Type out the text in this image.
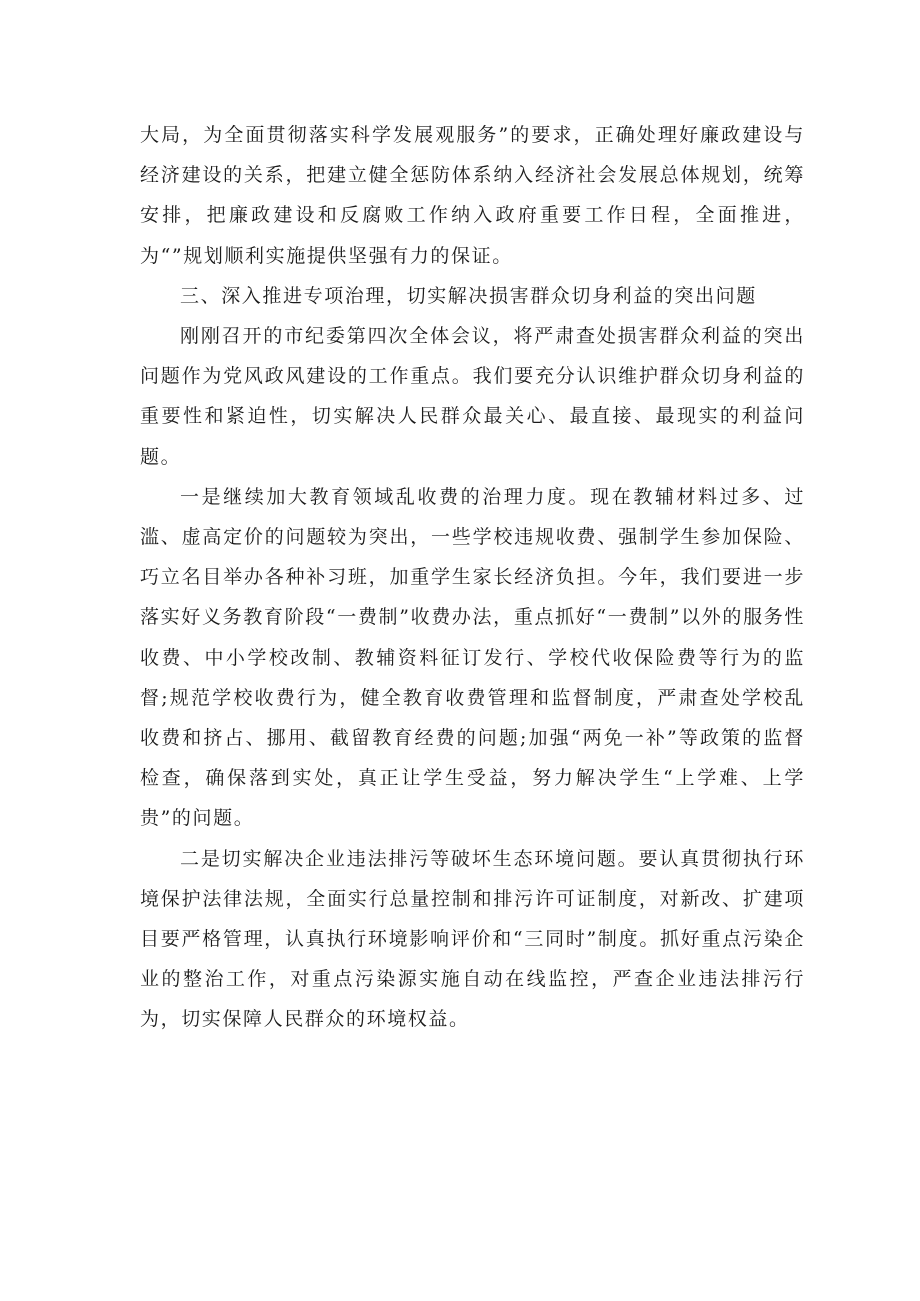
大局，为全面贯彻落实科学发展观服务”的要求，正确处理好廉政建设与经济建设的关系，把建立健全惩防体系纳入经济社会发展总体规划，统筹安排，把廉政建设和反腐败工作纳入政府重要工作日程，全面推进，为“”规划顺利实施提供坚强有力的保证。

三、深入推进专项治理，切实解决损害群众切身利益的突出问题

刚刚召开的市纪委第四次全体会议，将严肃查处损害群众利益的突出问题作为党风政风建设的工作重点。我们要充分认识维护群众切身利益的重要性和紧迫性，切实解决人民群众最关心、最直接、最现实的利益问题。

一是继续加大教育领域乱收费的治理力度。现在教辅材料过多、过滥、虚高定价的问题较为突出，一些学校违规收费、强制学生参加保险、巧立名目举办各种补习班，加重学生家长经济负担。今年，我们要进一步落实好义务教育阶段“一费制”收费办法，重点抓好“一费制”以外的服务性收费、中小学校改制、教辅资料征订发行、学校代收保险费等行为的监督;规范学校收费行为，健全教育收费管理和监督制度，严肃查处学校乱收费和挤占、挪用、截留教育经费的问题;加强“两免一补”等政策的监督检查，确保落到实处，真正让学生受益，努力解决学生“上学难、上学贵”的问题。

二是切实解决企业违法排污等破坏生态环境问题。要认真贯彻执行环境保护法律法规，全面实行总量控制和排污许可证制度，对新改、扩建项目要严格管理，认真执行环境影响评价和“三同时”制度。抓好重点污染企业的整治工作，对重点污染源实施自动在线监控，严查企业违法排污行为，切实保障人民群众的环境权益。
